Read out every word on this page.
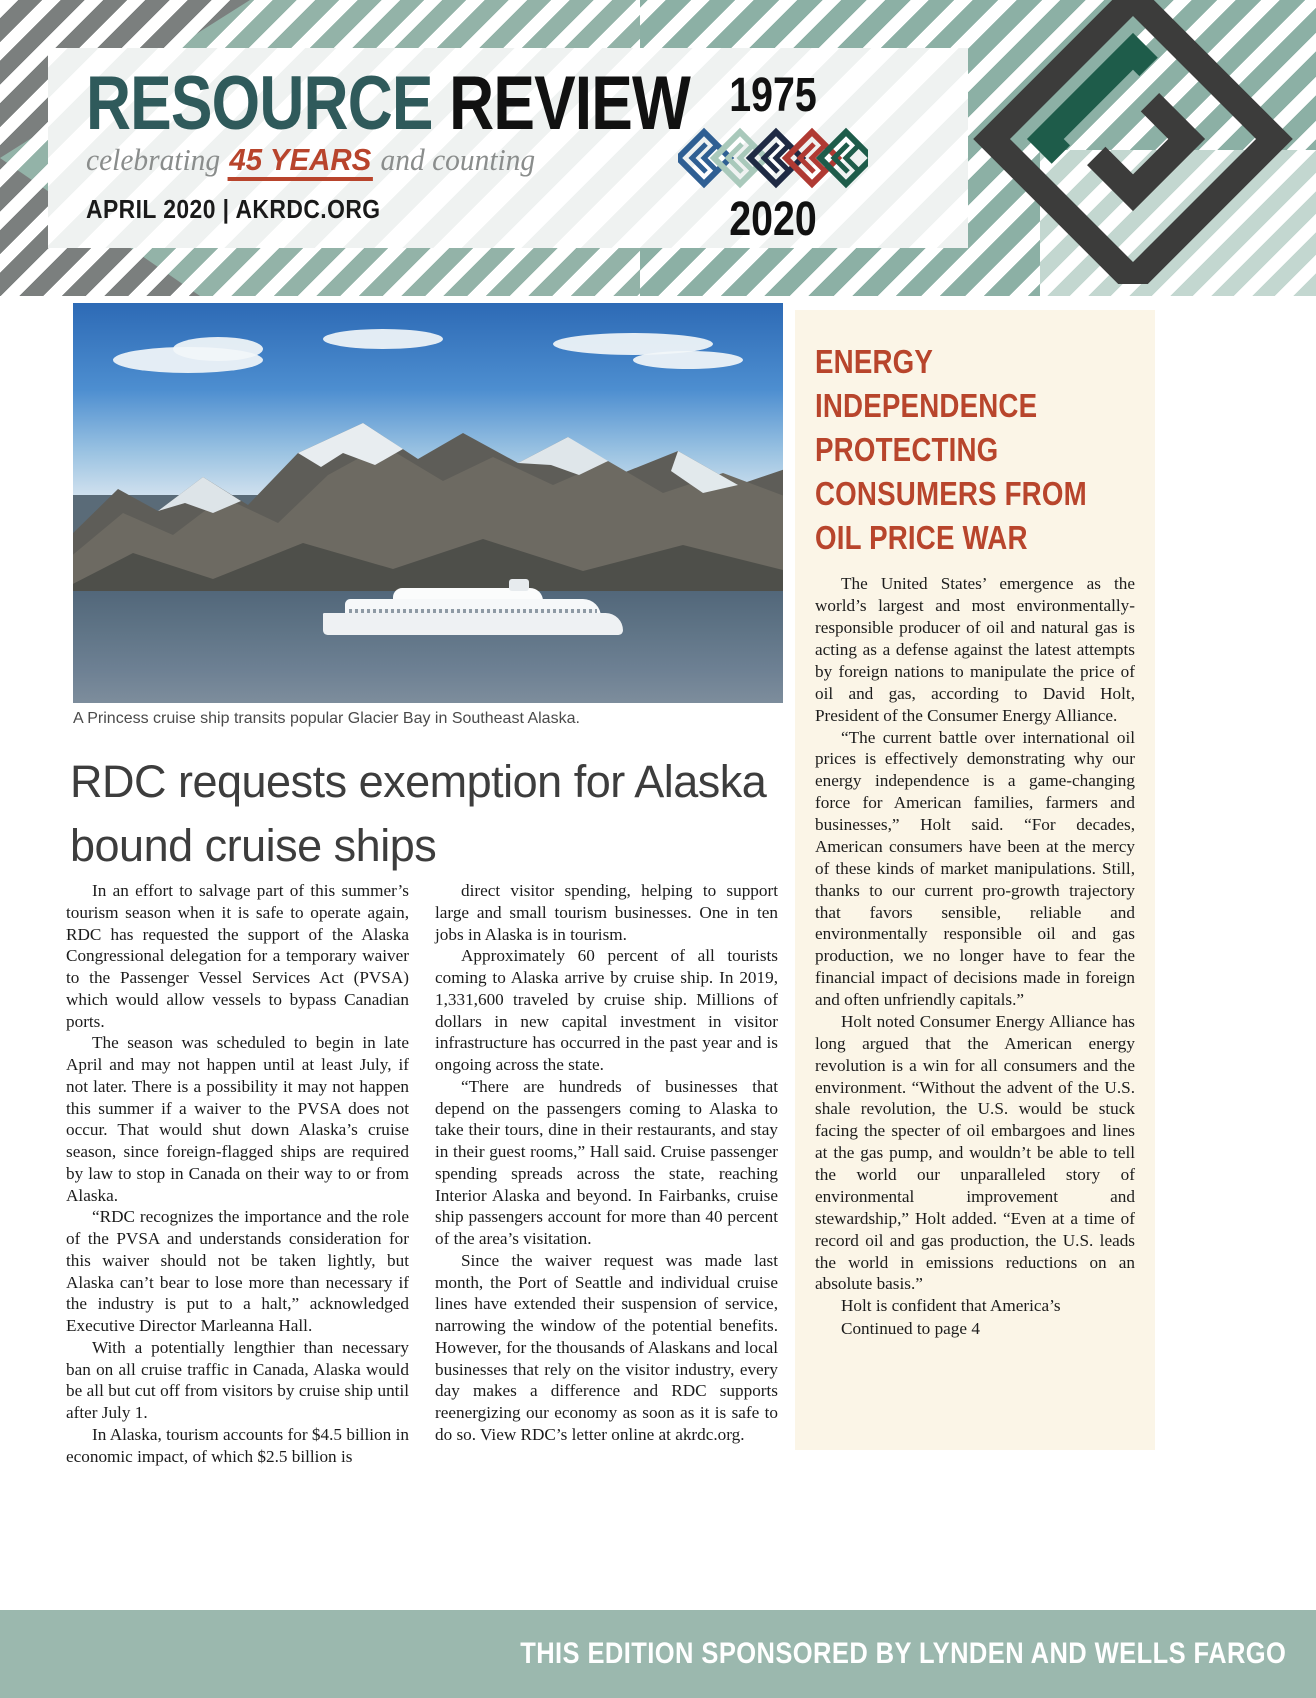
RESOURCE REVIEW
celebrating 45 YEARS and counting
APRIL 2020 | AKRDC.ORG
1975
2020
A Princess cruise ship transits popular Glacier Bay in Southeast Alaska.
RDC requests exemption for Alaska bound cruise ships

In an effort to salvage part of this summer’s tourism season when it is safe to operate again, RDC has requested the support of the Alaska Congressional delegation for a temporary waiver to the Passenger Vessel Services Act (PVSA) which would allow vessels to bypass Canadian ports.

The season was scheduled to begin in late April and may not happen until at least July, if not later. There is a possibility it may not happen this summer if a waiver to the PVSA does not occur. That would shut down Alaska’s cruise season, since foreign-flagged ships are required by law to stop in Canada on their way to or from Alaska.

“RDC recognizes the importance and the role of the PVSA and understands consideration for this waiver should not be taken lightly, but Alaska can’t bear to lose more than necessary if the industry is put to a halt,” acknowledged Executive Director Marleanna Hall.

With a potentially lengthier than necessary ban on all cruise traffic in Canada, Alaska would be all but cut off from visitors by cruise ship until after July 1.

In Alaska, tourism accounts for $4.5 billion in economic impact, of which $2.5 billion is

direct visitor spending, helping to support large and small tourism businesses. One in ten jobs in Alaska is in tourism.

Approximately 60 percent of all tourists coming to Alaska arrive by cruise ship. In 2019, 1,331,600 traveled by cruise ship. Millions of dollars in new capital investment in visitor infrastructure has occurred in the past year and is ongoing across the state.

“There are hundreds of businesses that depend on the passengers coming to Alaska to take their tours, dine in their restaurants, and stay in their guest rooms,” Hall said. Cruise passenger spending spreads across the state, reaching Interior Alaska and beyond. In Fairbanks, cruise ship passengers account for more than 40 percent of the area’s visitation.

Since the waiver request was made last month, the Port of Seattle and individual cruise lines have extended their suspension of service, narrowing the window of the potential benefits. However, for the thousands of Alaskans and local businesses that rely on the visitor industry, every day makes a difference and RDC supports reenergizing our economy as soon as it is safe to do so. View RDC’s letter online at akrdc.org.

ENERGY INDEPENDENCE PROTECTING CONSUMERS FROM OIL PRICE WAR

The United States’ emergence as the world’s largest and most environmentally-responsible producer of oil and natural gas is acting as a defense against the latest attempts by foreign nations to manipulate the price of oil and gas, according to David Holt, President of the Consumer Energy Alliance.

“The current battle over international oil prices is effectively demonstrating why our energy independence is a game-changing force for American families, farmers and businesses,” Holt said. “For decades, American consumers have been at the mercy of these kinds of market manipulations. Still, thanks to our current pro-growth trajectory that favors sensible, reliable and environmentally responsible oil and gas production, we no longer have to fear the financial impact of decisions made in foreign and often unfriendly capitals.”

Holt noted Consumer Energy Alliance has long argued that the American energy revolution is a win for all consumers and the environment. “Without the advent of the U.S. shale revolution, the U.S. would be stuck facing the specter of oil embargoes and lines at the gas pump, and wouldn’t be able to tell the world our unparalleled story of environmental improvement and stewardship,” Holt added. “Even at a time of record oil and gas production, the U.S. leads the world in emissions reductions on an absolute basis.”

Holt is confident that America’s

Continued to page 4

THIS EDITION SPONSORED BY LYNDEN AND WELLS FARGO
